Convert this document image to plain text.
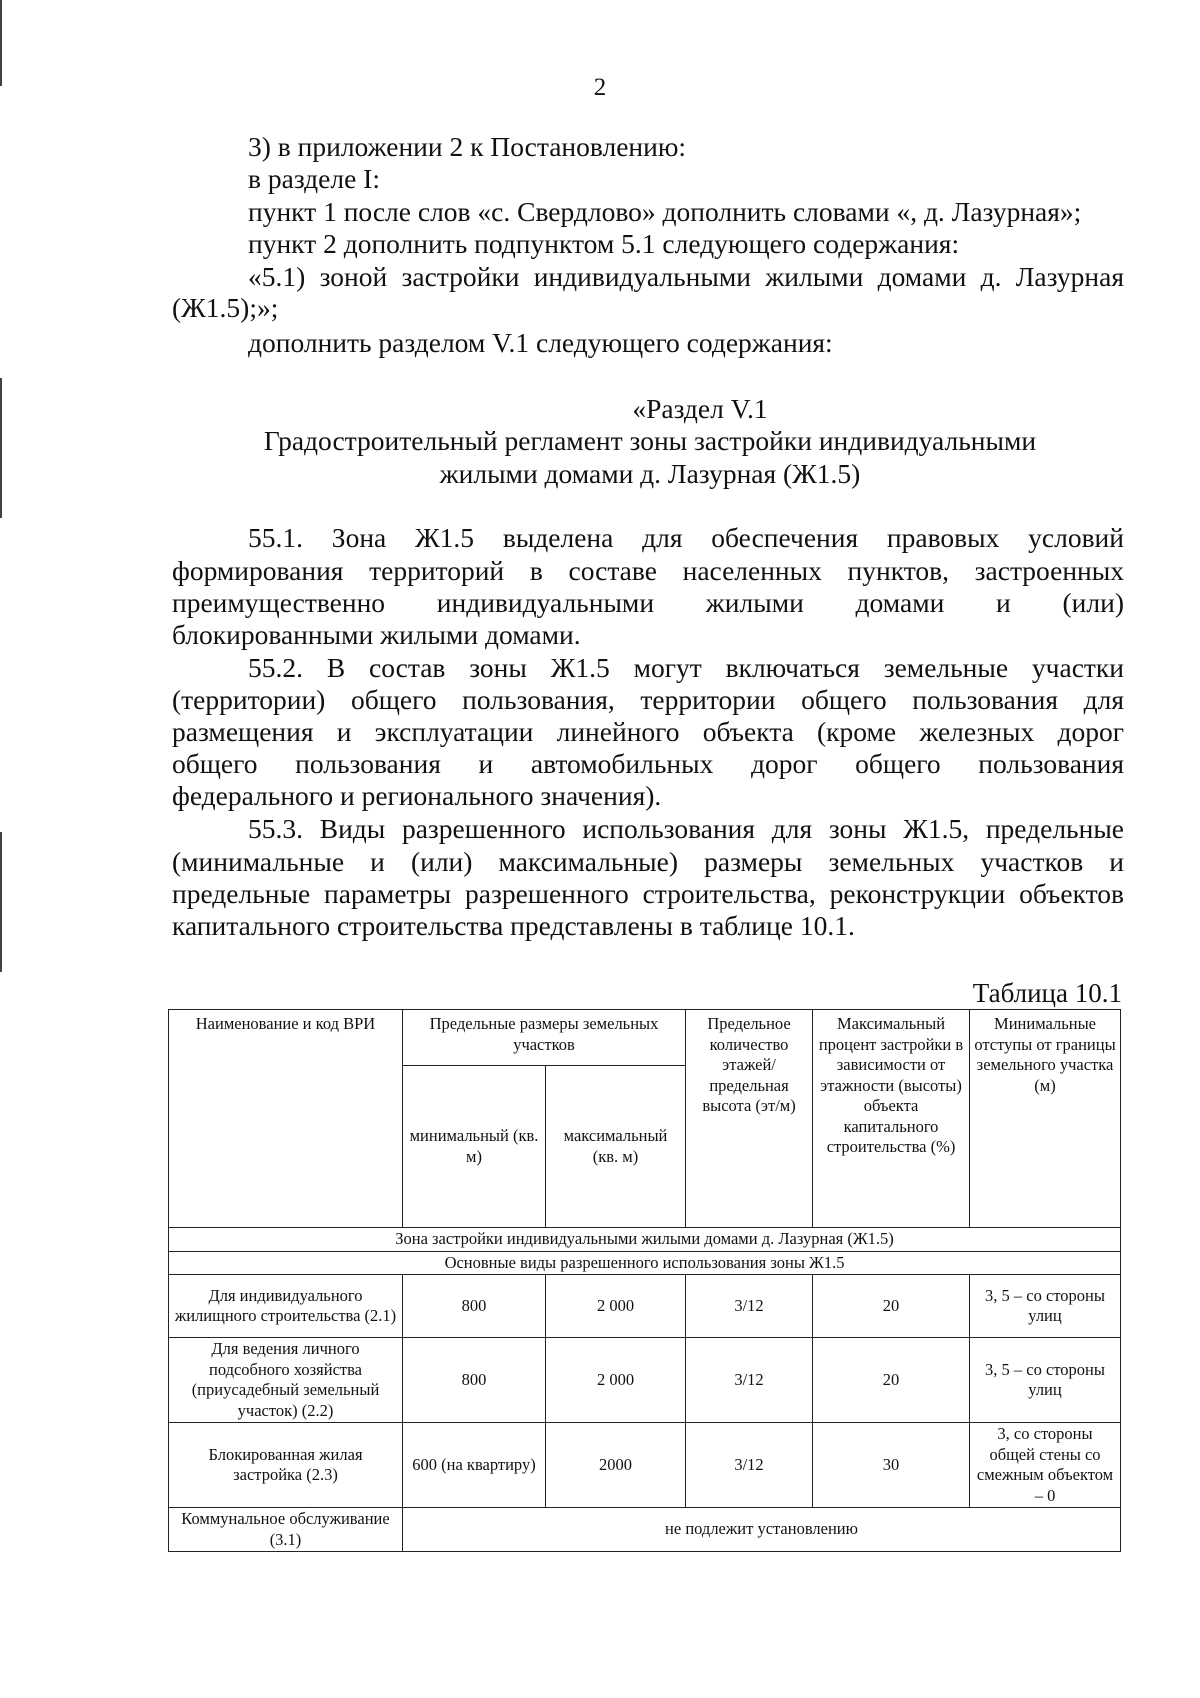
2
3) в приложении 2 к Постановлению:
в разделе I:
пункт 1 после слов «с. Свердлово» дополнить словами «, д. Лазурная»;
пункт 2 дополнить подпунктом 5.1 следующего содержания:
«5.1) зоной застройки индивидуальными жилыми домами д. Лазурная
(Ж1.5);»;
дополнить разделом V.1 следующего содержания:
«Раздел V.1
Градостроительный регламент зоны застройки индивидуальными
жилыми домами д. Лазурная (Ж1.5)
55.1. Зона Ж1.5 выделена для обеспечения правовых условий
формирования территорий в составе населенных пунктов, застроенных
преимущественно индивидуальными жилыми домами и (или)
блокированными жилыми домами.
55.2. В состав зоны Ж1.5 могут включаться земельные участки
(территории) общего пользования, территории общего пользования для
размещения и эксплуатации линейного объекта (кроме железных дорог
общего пользования и автомобильных дорог общего пользования
федерального и регионального значения).
55.3. Виды разрешенного использования для зоны Ж1.5, предельные
(минимальные и (или) максимальные) размеры земельных участков и
предельные параметры разрешенного строительства, реконструкции объектов
капитального строительства представлены в таблице 10.1.
Таблица 10.1
Наименование и код ВРИ	Предельные размеры земельных участков		Предельное количество этажей/ предельная высота (эт/м)	Максимальный процент застройки в зависимости от этажности (высоты) объекта капитального строительства (%)	Минимальные отступы от границы земельного участка (м)
	минимальный (кв. м)	максимальный (кв. м)			
Зона застройки индивидуальными жилыми домами д. Лазурная (Ж1.5)					
Основные виды разрешенного использования зоны Ж1.5					
Для индивидуального жилищного строительства (2.1)	800	2 000	3/12	20	3, 5 – со стороны улиц
Для ведения личного подсобного хозяйства (приусадебный земельный участок) (2.2)	800	2 000	3/12	20	3, 5 – со стороны улиц
Блокированная жилая застройка (2.3)	600 (на квартиру)	2000	3/12	30	3, со стороны общей стены со смежным объектом – 0
Коммунальное обслуживание (3.1)	не подлежит установлению				
